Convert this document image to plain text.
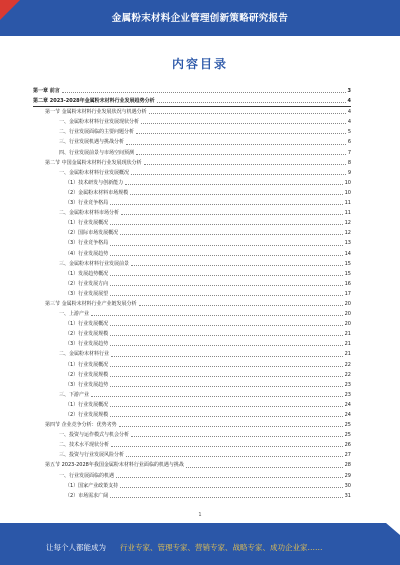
金属粉末材料企业管理创新策略研究报告
内容目录
第一章 前言	3
第二章 2023-2028年金属粉末材料行业发展趋势分析	4
第一节 金属粉末材料行业发展状况与机遇分析	4
一、金属粉末材料行业发展现状分析	4
二、行业发展面临的主要问题分析	5
三、行业发展机遇与挑战分析	6
四、行业发展前景与市场空间预测	7
第二节 中国金属粉末材料行业发展现状分析	8
一、金属粉末材料行业发展概况	9
（1）技术研发与创新能力	10
（2）金属粉末材料市场规模	10
（3）行业竞争格局	11
二、金属粉末材料市场分析	11
（1）行业发展概况	12
（2）国际市场发展概况	12
（3）行业竞争格局	13
（4）行业发展趋势	14
三、金属粉末材料行业发展前景	15
（1）发展趋势概况	15
（2）行业发展方向	16
（3）行业发展展望	17
第三节 金属粉末材料行业产业链发展分析	20
一、上游产业	20
（1）行业发展概况	20
（2）行业发展规模	21
（3）行业发展趋势	21
二、金属粉末材料行业	21
（1）行业发展概况	22
（2）行业发展规模	22
（3）行业发展趋势	23
三、下游产业	23
（1）行业发展概况	24
（2）行业发展规模	24
第四节 企业竞争分析：优势劣势	25
一、投资与运作模式与机会分析	25
二、技术水平现状分析	26
三、投资与行业发展风险分析	27
第五节 2023-2028年我国金属粉末材料行业面临的机遇与挑战	28
一、行业发展面临的机遇	29
（1）国家产业政策支持	30
（2）市场需求广阔	31
1
让每个人都能成为 行业专家、管理专家、营销专家、战略专家、成功企业家……
